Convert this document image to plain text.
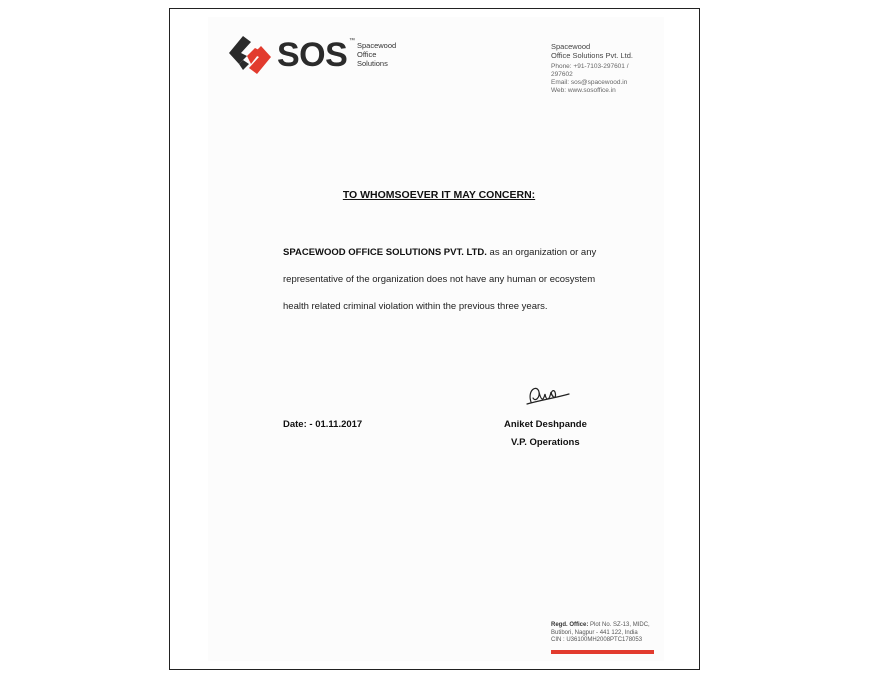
SOS ™ Spacewood
Office
Solutions
Spacewood
Office Solutions Pvt. Ltd.
Phone: +91-7103-297601 /
297602
Email: sos@spacewood.in
Web: www.sosoffice.in
TO WHOMSOEVER IT MAY CONCERN:
SPACEWOOD OFFICE SOLUTIONS PVT. LTD. as an organization or any
representative of the organization does not have any human or ecosystem
health related criminal violation within the previous three years.
Date: - 01.11.2017	Aniket Deshpande
V.P. Operations
Regd. Office: Plot No. SZ-13, MIDC,
Butibori, Nagpur - 441 122, India
CIN : U36100MH2008PTC178053
